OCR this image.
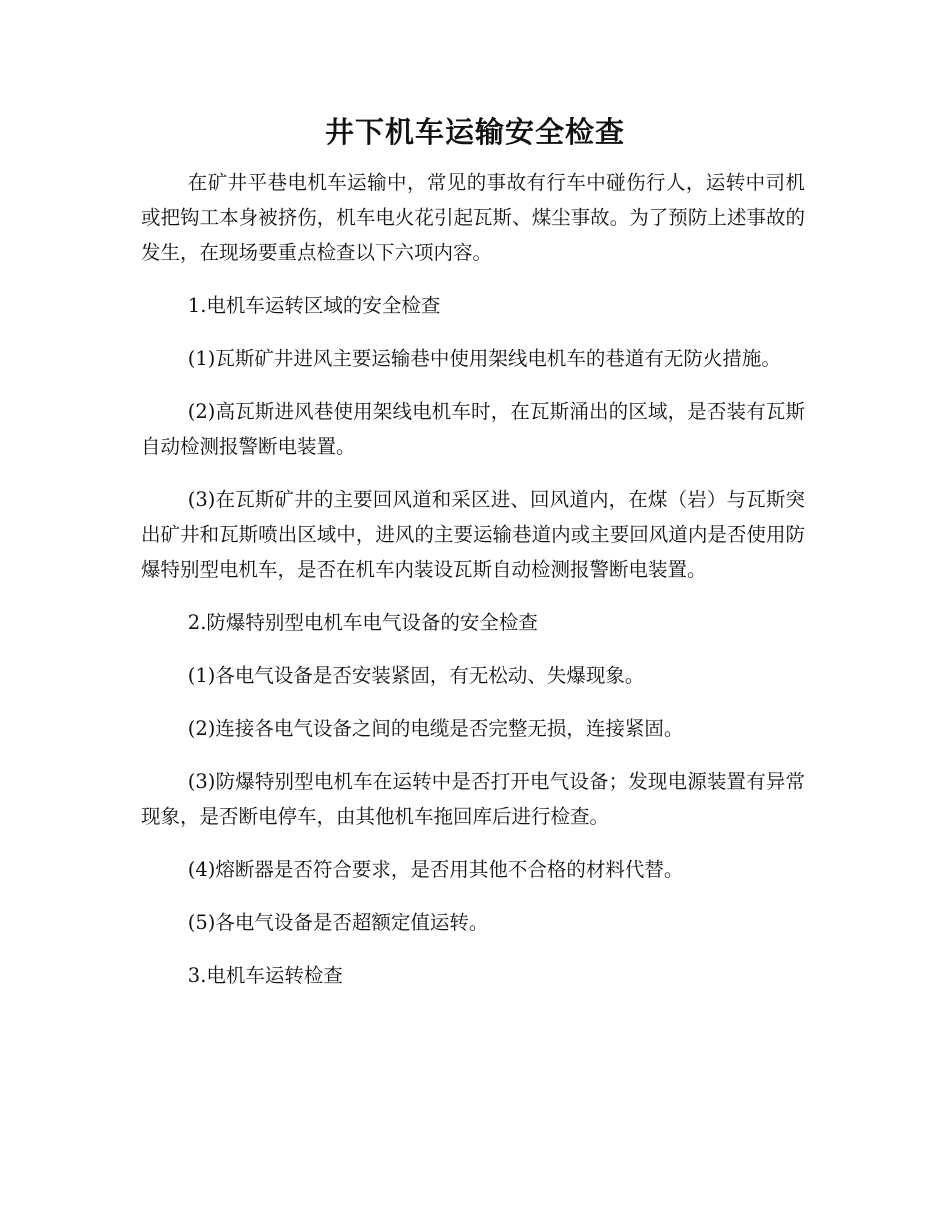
井下机车运输安全检查

在矿井平巷电机车运输中，常见的事故有行车中碰伤行人，运转中司机或把钩工本身被挤伤，机车电火花引起瓦斯、煤尘事故。为了预防上述事故的发生，在现场要重点检查以下六项内容。

1.电机车运转区域的安全检查

(1)瓦斯矿井进风主要运输巷中使用架线电机车的巷道有无防火措施。

(2)高瓦斯进风巷使用架线电机车时，在瓦斯涌出的区域，是否装有瓦斯自动检测报警断电装置。

(3)在瓦斯矿井的主要回风道和采区进、回风道内，在煤（岩）与瓦斯突出矿井和瓦斯喷出区域中，进风的主要运输巷道内或主要回风道内是否使用防爆特别型电机车，是否在机车内装设瓦斯自动检测报警断电装置。

2.防爆特别型电机车电气设备的安全检查

(1)各电气设备是否安装紧固，有无松动、失爆现象。

(2)连接各电气设备之间的电缆是否完整无损，连接紧固。

(3)防爆特别型电机车在运转中是否打开电气设备；发现电源装置有异常现象，是否断电停车，由其他机车拖回库后进行检查。

(4)熔断器是否符合要求，是否用其他不合格的材料代替。

(5)各电气设备是否超额定值运转。

3.电机车运转检查
